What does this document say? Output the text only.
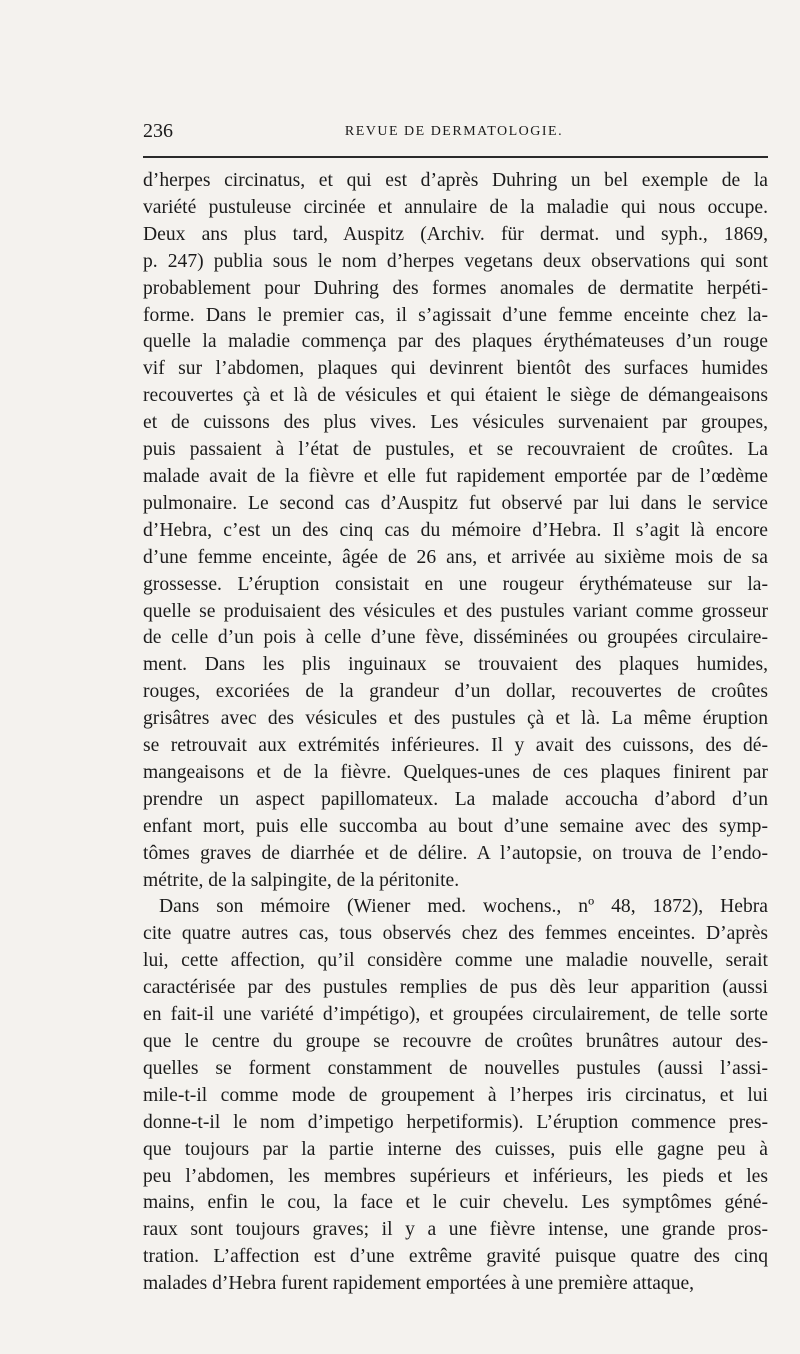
236	REVUE DE DERMATOLOGIE.
d’herpes circinatus, et qui est d’après Duhring un bel exemple de la
variété pustuleuse circinée et annulaire de la maladie qui nous occupe.
Deux ans plus tard, Auspitz (Archiv. für dermat. und syph., 1869,
p. 247) publia sous le nom d’herpes vegetans deux observations qui sont
probablement pour Duhring des formes anomales de dermatite herpéti-
forme. Dans le premier cas, il s’agissait d’une femme enceinte chez la-
quelle la maladie commença par des plaques érythémateuses d’un rouge
vif sur l’abdomen, plaques qui devinrent bientôt des surfaces humides
recouvertes çà et là de vésicules et qui étaient le siège de démangeaisons
et de cuissons des plus vives. Les vésicules survenaient par groupes,
puis passaient à l’état de pustules, et se recouvraient de croûtes. La
malade avait de la fièvre et elle fut rapidement emportée par de l’œdème
pulmonaire. Le second cas d’Auspitz fut observé par lui dans le service
d’Hebra, c’est un des cinq cas du mémoire d’Hebra. Il s’agit là encore
d’une femme enceinte, âgée de 26 ans, et arrivée au sixième mois de sa
grossesse. L’éruption consistait en une rougeur érythémateuse sur la-
quelle se produisaient des vésicules et des pustules variant comme grosseur
de celle d’un pois à celle d’une fève, disséminées ou groupées circulaire-
ment. Dans les plis inguinaux se trouvaient des plaques humides,
rouges, excoriées de la grandeur d’un dollar, recouvertes de croûtes
grisâtres avec des vésicules et des pustules çà et là. La même éruption
se retrouvait aux extrémités inférieures. Il y avait des cuissons, des dé-
mangeaisons et de la fièvre. Quelques-unes de ces plaques finirent par
prendre un aspect papillomateux. La malade accoucha d’abord d’un
enfant mort, puis elle succomba au bout d’une semaine avec des symp-
tômes graves de diarrhée et de délire. A l’autopsie, on trouva de l’endo-
métrite, de la salpingite, de la péritonite.
Dans son mémoire (Wiener med. wochens., nº 48, 1872), Hebra
cite quatre autres cas, tous observés chez des femmes enceintes. D’après
lui, cette affection, qu’il considère comme une maladie nouvelle, serait
caractérisée par des pustules remplies de pus dès leur apparition (aussi
en fait-il une variété d’impétigo), et groupées circulairement, de telle sorte
que le centre du groupe se recouvre de croûtes brunâtres autour des-
quelles se forment constamment de nouvelles pustules (aussi l’assi-
mile-t-il comme mode de groupement à l’herpes iris circinatus, et lui
donne-t-il le nom d’impetigo herpetiformis). L’éruption commence pres-
que toujours par la partie interne des cuisses, puis elle gagne peu à
peu l’abdomen, les membres supérieurs et inférieurs, les pieds et les
mains, enfin le cou, la face et le cuir chevelu. Les symptômes géné-
raux sont toujours graves; il y a une fièvre intense, une grande pros-
tration. L’affection est d’une extrême gravité puisque quatre des cinq
malades d’Hebra furent rapidement emportées à une première attaque,
